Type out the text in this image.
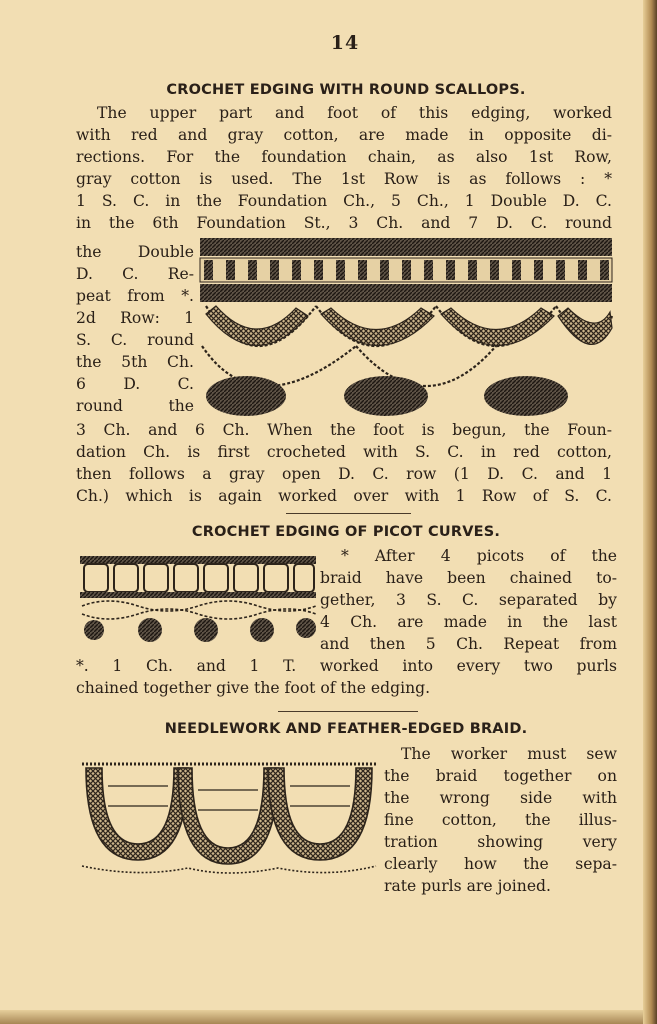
14
CROCHET EDGING WITH ROUND SCALLOPS.
The upper part and foot of this edging, worked
with red and gray cotton, are made in opposite di-
rections. For the foundation chain, as also 1st Row,
gray cotton is used. The 1st Row is as follows : *
1 S. C. in the Foundation Ch., 5 Ch., 1 Double D. C.
in the 6th Foundation St., 3 Ch. and 7 D. C. round
the Double
D. C. Re-
peat from *.
2d Row: 1
S. C. round
the 5th Ch.
6 D. C.
round the
3 Ch. and 6 Ch. When the foot is begun, the Foun-
dation Ch. is first crocheted with S. C. in red cotton,
then follows a gray open D. C. row (1 D. C. and 1
Ch.) which is again worked over with 1 Row of S. C.
CROCHET EDGING OF PICOT CURVES.
* After 4 picots of the
braid have been chained to-
gether, 3 S. C. separated by
4 Ch. are made in the last
and then 5 Ch. Repeat from
*. 1 Ch. and 1 T. worked into every two purls
chained together give the foot of the edging.
NEEDLEWORK AND FEATHER-EDGED BRAID.
The worker must sew
the braid together on
the wrong side with
fine cotton, the illus-
tration showing very
clearly how the sepa-
rate purls are joined.
